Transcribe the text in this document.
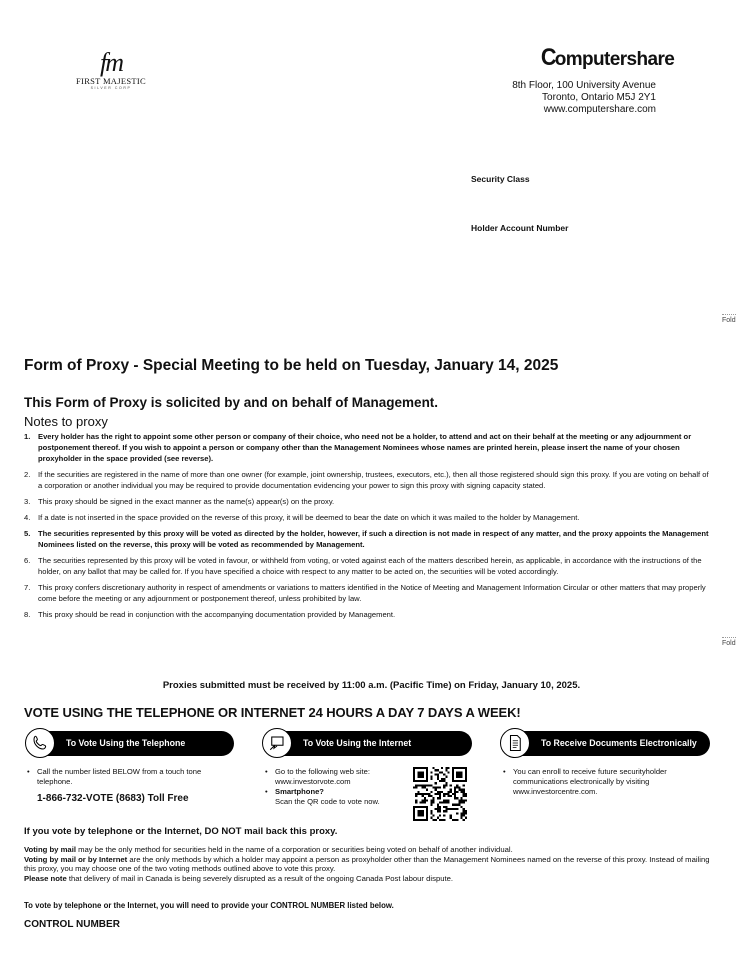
fm
FIRST MAJESTIC
SILVER CORP
Computershare
8th Floor, 100 University Avenue
Toronto, Ontario M5J 2Y1
www.computershare.com
Security Class
Holder Account Number
Fold
Fold
Form of Proxy - Special Meeting to be held on Tuesday, January 14, 2025
This Form of Proxy is solicited by and on behalf of Management.
Notes to proxy
1. Every holder has the right to appoint some other person or company of their choice, who need not be a holder, to attend and act on their behalf at the meeting or any adjournment or postponement thereof. If you wish to appoint a person or company other than the Management Nominees whose names are printed herein, please insert the name of your chosen proxyholder in the space provided (see reverse).
2. If the securities are registered in the name of more than one owner (for example, joint ownership, trustees, executors, etc.), then all those registered should sign this proxy. If you are voting on behalf of a corporation or another individual you may be required to provide documentation evidencing your power to sign this proxy with signing capacity stated.
3. This proxy should be signed in the exact manner as the name(s) appear(s) on the proxy.
4. If a date is not inserted in the space provided on the reverse of this proxy, it will be deemed to bear the date on which it was mailed to the holder by Management.
5. The securities represented by this proxy will be voted as directed by the holder, however, if such a direction is not made in respect of any matter, and the proxy appoints the Management Nominees listed on the reverse, this proxy will be voted as recommended by Management.
6. The securities represented by this proxy will be voted in favour, or withheld from voting, or voted against each of the matters described herein, as applicable, in accordance with the instructions of the holder, on any ballot that may be called for. If you have specified a choice with respect to any matter to be acted on, the securities will be voted accordingly.
7. This proxy confers discretionary authority in respect of amendments or variations to matters identified in the Notice of Meeting and Management Information Circular or other matters that may properly come before the meeting or any adjournment or postponement thereof, unless prohibited by law.
8. This proxy should be read in conjunction with the accompanying documentation provided by Management.
Proxies submitted must be received by 11:00 a.m. (Pacific Time) on Friday, January 10, 2025.
VOTE USING THE TELEPHONE OR INTERNET 24 HOURS A DAY 7 DAYS A WEEK!
To Vote Using the Telephone
• Call the number listed BELOW from a touch tone telephone.
1-866-732-VOTE (8683) Toll Free
To Vote Using the Internet
• Go to the following web site:
www.investorvote.com
• Smartphone?
Scan the QR code to vote now.
To Receive Documents Electronically
• You can enroll to receive future securityholder communications electronically by visiting
www.investorcentre.com.
If you vote by telephone or the Internet, DO NOT mail back this proxy.
Voting by mail may be the only method for securities held in the name of a corporation or securities being voted on behalf of another individual.
Voting by mail or by Internet are the only methods by which a holder may appoint a person as proxyholder other than the Management Nominees named on the reverse of this proxy. Instead of mailing this proxy, you may choose one of the two voting methods outlined above to vote this proxy.
Please note that delivery of mail in Canada is being severely disrupted as a result of the ongoing Canada Post labour dispute.
To vote by telephone or the Internet, you will need to provide your CONTROL NUMBER listed below.
CONTROL NUMBER
